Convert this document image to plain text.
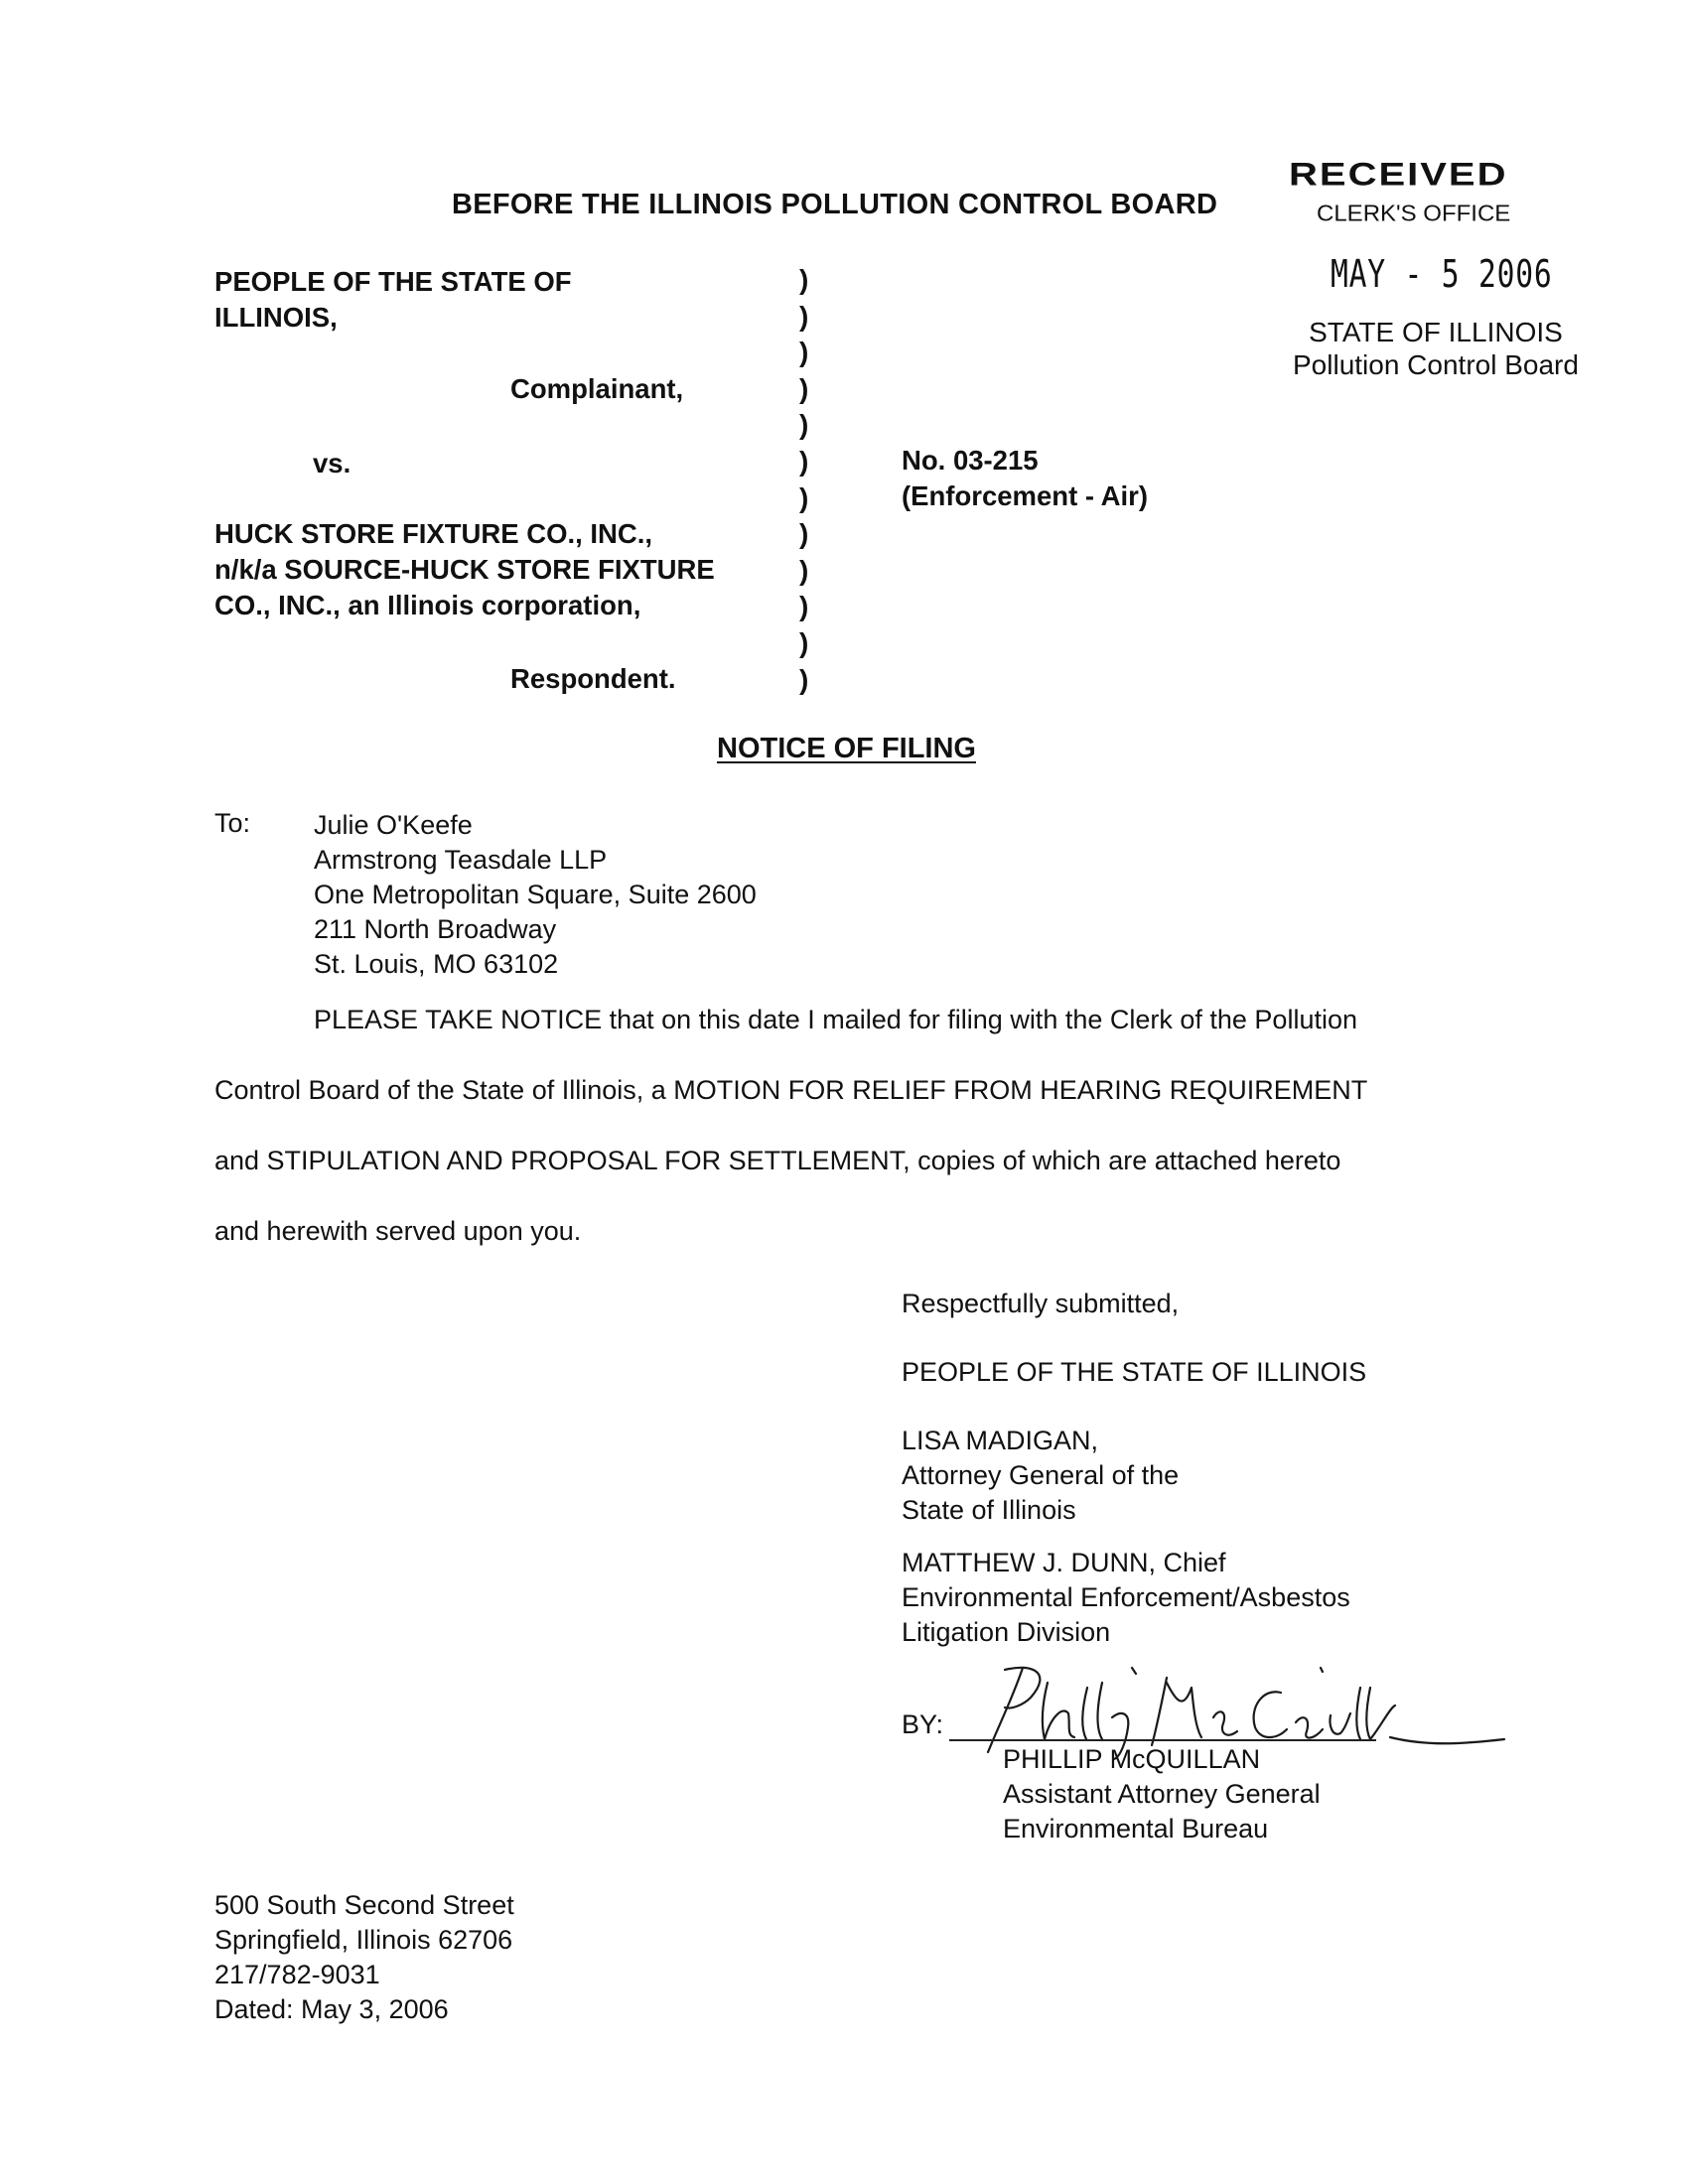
BEFORE THE ILLINOIS POLLUTION CONTROL BOARD
RECEIVED
CLERK'S OFFICE
MAY - 5 2006
STATE OF ILLINOIS
Pollution Control Board
PEOPLE OF THE STATE OF
ILLINOIS,
Complainant,
vs.
HUCK STORE FIXTURE CO., INC.,
n/k/a SOURCE-HUCK STORE FIXTURE
CO., INC., an Illinois corporation,
Respondent.
)
)
)
)
)
)
)
)
)
)
)
)
No. 03-215
(Enforcement - Air)
NOTICE OF FILING
To: Julie O'Keefe
Armstrong Teasdale LLP
One Metropolitan Square, Suite 2600
211 North Broadway
St. Louis, MO 63102
PLEASE TAKE NOTICE that on this date I mailed for filing with the Clerk of the Pollution
Control Board of the State of Illinois, a MOTION FOR RELIEF FROM HEARING REQUIREMENT
and STIPULATION AND PROPOSAL FOR SETTLEMENT, copies of which are attached hereto
and herewith served upon you.
Respectfully submitted,
PEOPLE OF THE STATE OF ILLINOIS
LISA MADIGAN,
Attorney General of the
State of Illinois
MATTHEW J. DUNN, Chief
Environmental Enforcement/Asbestos
Litigation Division
BY:
PHILLIP McQUILLAN
Assistant Attorney General
Environmental Bureau
500 South Second Street
Springfield, Illinois 62706
217/782-9031
Dated: May 3, 2006
